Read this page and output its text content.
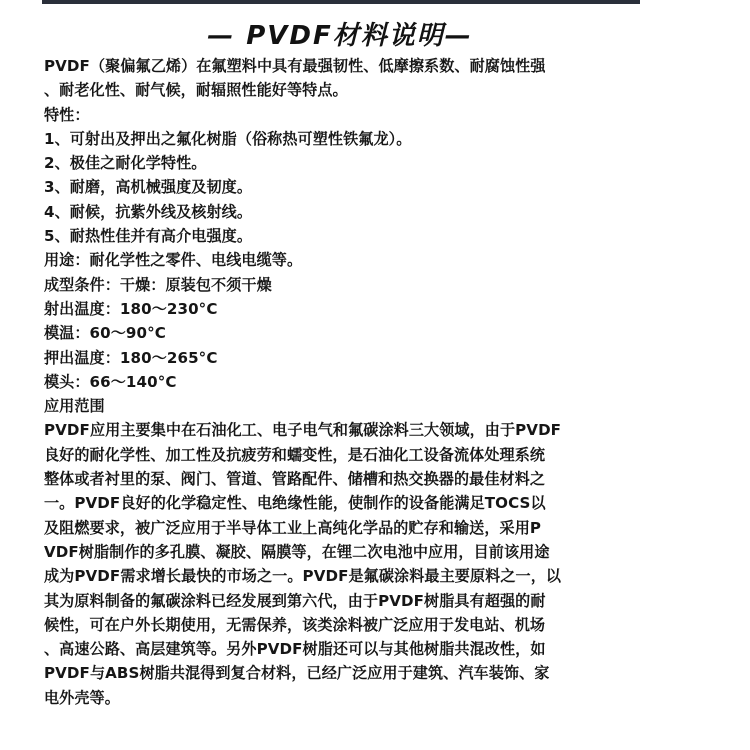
— PVDF材料说明—
PVDF（聚偏氟乙烯）在氟塑料中具有最强韧性、低摩擦系数、耐腐蚀性强
、耐老化性、耐气候，耐辐照性能好等特点。
特性：
1、可射出及押出之氟化树脂（俗称热可塑性铁氟龙）。
2、极佳之耐化学特性。
3、耐磨，高机械强度及韧度。
4、耐候，抗紫外线及核射线。
5、耐热性佳并有高介电强度。
用途：耐化学性之零件、电线电缆等。
成型条件：干燥：原装包不须干燥
射出温度：180～230°C
模温：60～90°C
押出温度：180～265°C
模头：66～140°C
应用范围
PVDF应用主要集中在石油化工、电子电气和氟碳涂料三大领域，由于PVDF
良好的耐化学性、加工性及抗疲劳和蠕变性，是石油化工设备流体处理系统
整体或者衬里的泵、阀门、管道、管路配件、储槽和热交换器的最佳材料之
一。PVDF良好的化学稳定性、电绝缘性能，使制作的设备能满足TOCS以
及阻燃要求，被广泛应用于半导体工业上高纯化学品的贮存和输送，采用P
VDF树脂制作的多孔膜、凝胶、隔膜等，在锂二次电池中应用，目前该用途
成为PVDF需求增长最快的市场之一。PVDF是氟碳涂料最主要原料之一，以
其为原料制备的氟碳涂料已经发展到第六代，由于PVDF树脂具有超强的耐
候性，可在户外长期使用，无需保养，该类涂料被广泛应用于发电站、机场
、高速公路、高层建筑等。另外PVDF树脂还可以与其他树脂共混改性，如
PVDF与ABS树脂共混得到复合材料，已经广泛应用于建筑、汽车装饰、家
电外壳等。
